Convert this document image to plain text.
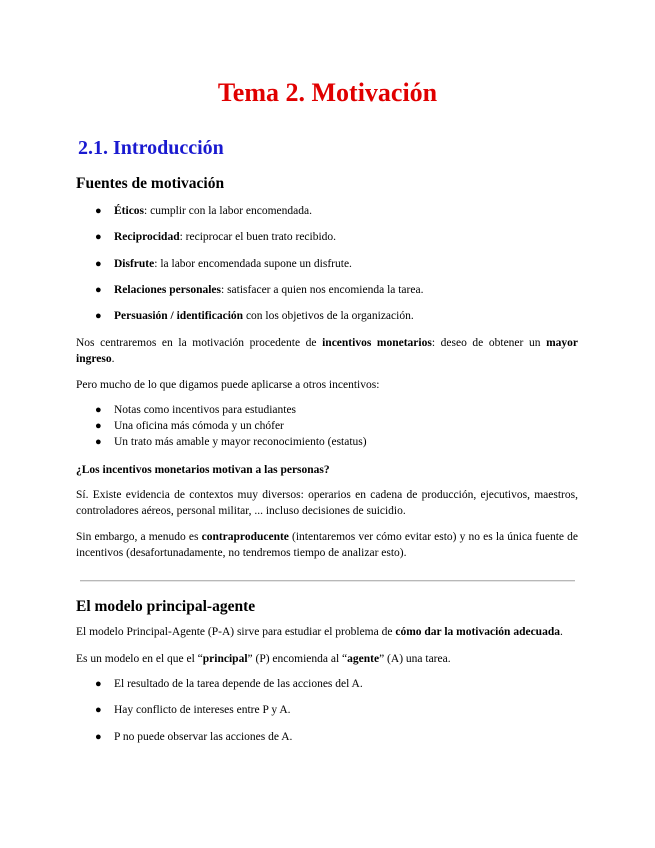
Tema 2. Motivación
2.1. Introducción
Fuentes de motivación
● Éticos: cumplir con la labor encomendada.
● Reciprocidad: reciprocar el buen trato recibido.
● Disfrute: la labor encomendada supone un disfrute.
● Relaciones personales: satisfacer a quien nos encomienda la tarea.
● Persuasión / identificación con los objetivos de la organización.
Nos centraremos en la motivación procedente de incentivos monetarios: deseo de obtener un mayor ingreso.
Pero mucho de lo que digamos puede aplicarse a otros incentivos:
● Notas como incentivos para estudiantes
● Una oficina más cómoda y un chófer
● Un trato más amable y mayor reconocimiento (estatus)
¿Los incentivos monetarios motivan a las personas?
Sí. Existe evidencia de contextos muy diversos: operarios en cadena de producción, ejecutivos, maestros, controladores aéreos, personal militar, ... incluso decisiones de suicidio.
Sin embargo, a menudo es contraproducente (intentaremos ver cómo evitar esto) y no es la única fuente de incentivos (desafortunadamente, no tendremos tiempo de analizar esto).
El modelo principal-agente
El modelo Principal-Agente (P-A) sirve para estudiar el problema de cómo dar la motivación adecuada.
Es un modelo en el que el “principal” (P) encomienda al “agente” (A) una tarea.
● El resultado de la tarea depende de las acciones del A.
● Hay conflicto de intereses entre P y A.
● P no puede observar las acciones de A.
